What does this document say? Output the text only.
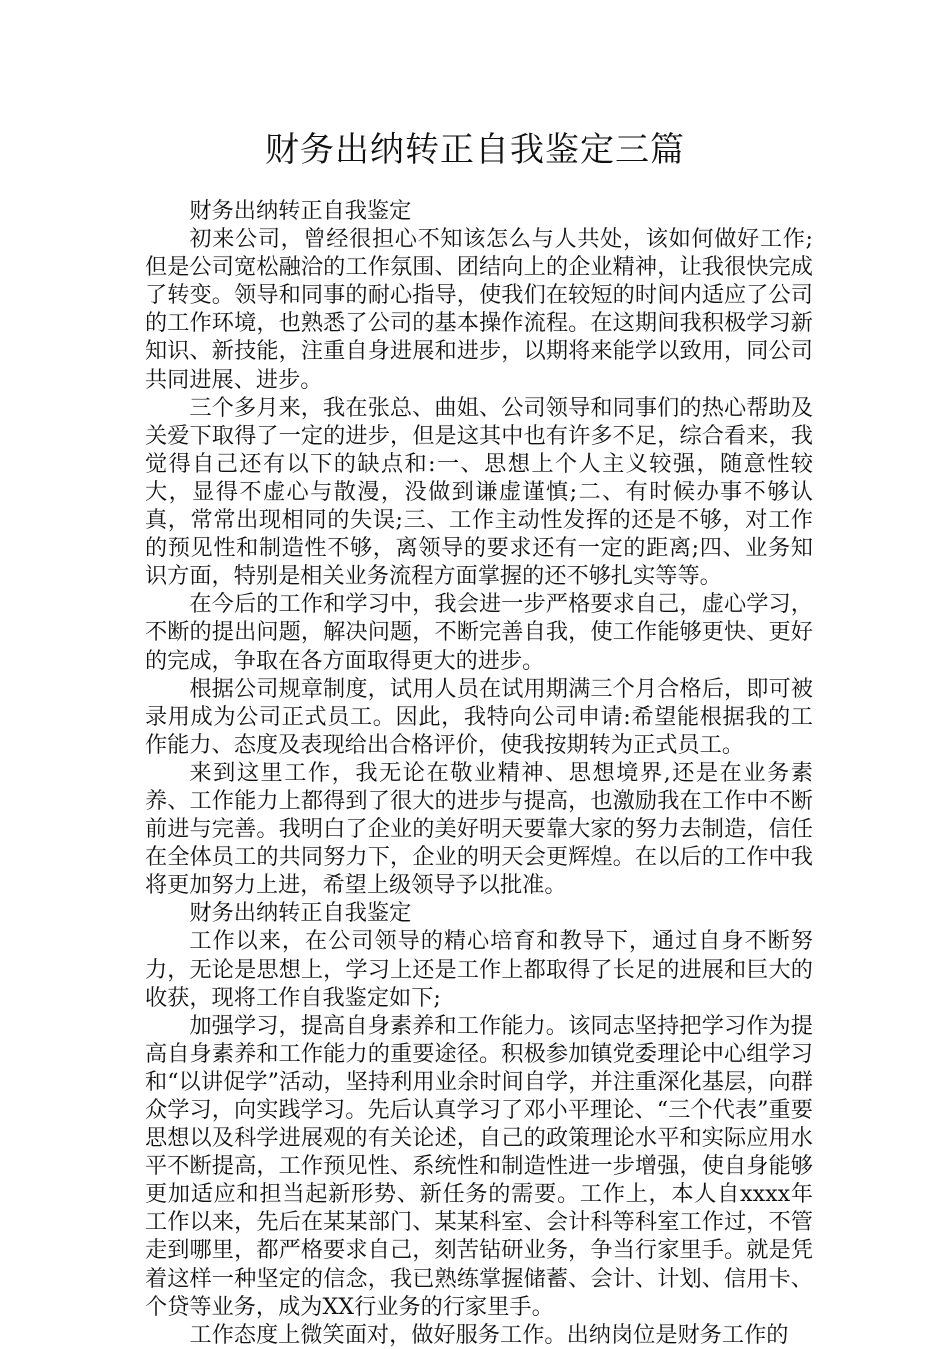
财务出纳转正自我鉴定三篇

财务出纳转正自我鉴定

初来公司，曾经很担心不知该怎么与人共处，该如何做好工作;但是公司宽松融洽的工作氛围、团结向上的企业精神，让我很快完成了转变。领导和同事的耐心指导，使我们在较短的时间内适应了公司的工作环境，也熟悉了公司的基本操作流程。在这期间我积极学习新知识、新技能，注重自身进展和进步，以期将来能学以致用，同公司共同进展、进步。

三个多月来，我在张总、曲姐、公司领导和同事们的热心帮助及关爱下取得了一定的进步，但是这其中也有许多不足，综合看来，我觉得自己还有以下的缺点和:一、思想上个人主义较强，随意性较大，显得不虚心与散漫，没做到谦虚谨慎;二、有时候办事不够认真，常常出现相同的失误;三、工作主动性发挥的还是不够，对工作的预见性和制造性不够，离领导的要求还有一定的距离;四、业务知识方面，特别是相关业务流程方面掌握的还不够扎实等等。

在今后的工作和学习中，我会进一步严格要求自己，虚心学习，不断的提出问题，解决问题，不断完善自我，使工作能够更快、更好的完成，争取在各方面取得更大的进步。

根据公司规章制度，试用人员在试用期满三个月合格后，即可被录用成为公司正式员工。因此，我特向公司申请:希望能根据我的工作能力、态度及表现给出合格评价，使我按期转为正式员工。

来到这里工作，我无论在敬业精神、思想境界,还是在业务素养、工作能力上都得到了很大的进步与提高，也激励我在工作中不断前进与完善。我明白了企业的美好明天要靠大家的努力去制造，信任在全体员工的共同努力下，企业的明天会更辉煌。在以后的工作中我将更加努力上进，希望上级领导予以批准。

财务出纳转正自我鉴定

工作以来，在公司领导的精心培育和教导下，通过自身不断努力，无论是思想上，学习上还是工作上都取得了长足的进展和巨大的收获，现将工作自我鉴定如下;

加强学习，提高自身素养和工作能力。该同志坚持把学习作为提高自身素养和工作能力的重要途径。积极参加镇党委理论中心组学习和“以讲促学”活动，坚持利用业余时间自学，并注重深化基层，向群众学习，向实践学习。先后认真学习了邓小平理论、“三个代表”重要思想以及科学进展观的有关论述，自己的政策理论水平和实际应用水平不断提高，工作预见性、系统性和制造性进一步增强，使自身能够更加适应和担当起新形势、新任务的需要。工作上，本人自xxxx年工作以来，先后在某某部门、某某科室、会计科等科室工作过，不管走到哪里，都严格要求自己，刻苦钻研业务，争当行家里手。就是凭着这样一种坚定的信念，我已熟练掌握储蓄、会计、计划、信用卡、个贷等业务，成为XX行业务的行家里手。

工作态度上微笑面对，做好服务工作。出纳岗位是财务工作的
